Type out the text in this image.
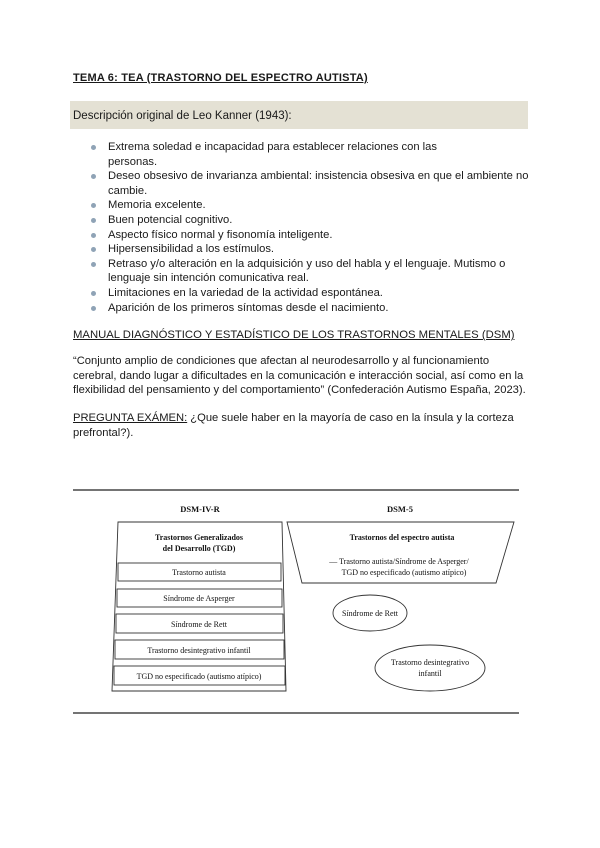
TEMA 6: TEA (TRASTORNO DEL ESPECTRO AUTISTA)
Descripción original de Leo Kanner (1943):
Extrema soledad e incapacidad para establecer relaciones con las
personas.
Deseo obsesivo de invarianza ambiental: insistencia obsesiva en que el ambiente no
cambie.
Memoria excelente.
Buen potencial cognitivo.
Aspecto físico normal y fisonomía inteligente.
Hipersensibilidad a los estímulos.
Retraso y/o alteración en la adquisición y uso del habla y el lenguaje. Mutismo o
lenguaje sin intención comunicativa real.
Limitaciones en la variedad de la actividad espontánea.
Aparición de los primeros síntomas desde el nacimiento.
MANUAL DIAGNÓSTICO Y ESTADÍSTICO DE LOS TRASTORNOS MENTALES (DSM)
“Conjunto amplio de condiciones que afectan al neurodesarrollo y al funcionamiento cerebral, dando lugar a dificultades en la comunicación e interacción social, así como en la flexibilidad del pensamiento y del comportamiento” (Confederación Autismo España, 2023).
PREGUNTA EXÁMEN: ¿Que suele haber en la mayoría de caso en la ínsula y la corteza prefrontal?).
DSM-IV-R
Trastornos Generalizados
del Desarrollo (TGD)
Trastorno autista
Síndrome de Asperger
Síndrome de Rett
Trastorno desintegrativo infantil
TGD no especificado (autismo atípico)
DSM-5
Trastornos del espectro autista
— Trastorno autista/Síndrome de Asperger/
TGD no especificado (autismo atípico)
Síndrome de Rett
Trastorno desintegrativo
infantil
